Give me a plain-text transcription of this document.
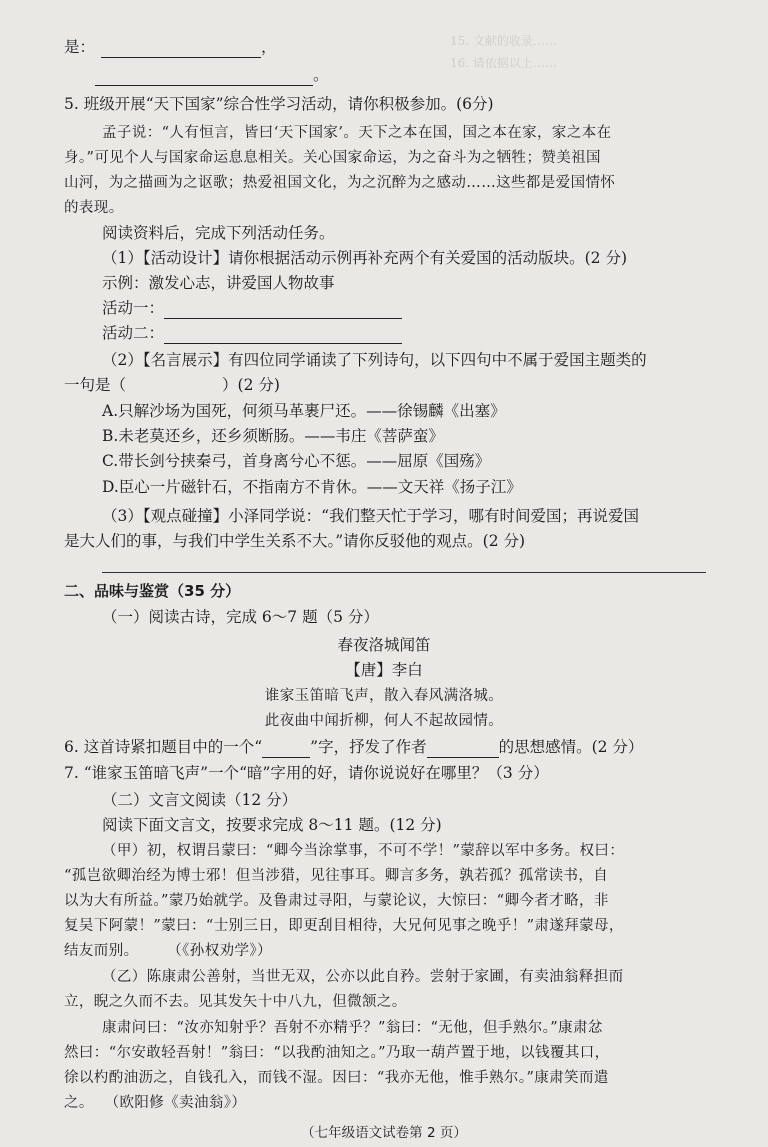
15. 文献的收录……
16. 请依据以上……
是：	，
。
5. 班级开展“天下国家”综合性学习活动，请你积极参加。(6分)
孟子说：“人有恒言，皆曰‘天下国家’。天下之本在国，国之本在家，家之本在
身。”可见个人与国家命运息息相关。关心国家命运，为之奋斗为之牺牲；赞美祖国
山河，为之描画为之讴歌；热爱祖国文化，为之沉醉为之感动……这些都是爱国情怀
的表现。
阅读资料后，完成下列活动任务。
（1）【活动设计】请你根据活动示例再补充两个有关爱国的活动版块。(2 分)
示例：激发心志，讲爱国人物故事
活动一：
活动二：
（2）【名言展示】有四位同学诵读了下列诗句，以下四句中不属于爱国主题类的
一句是（	）(2 分)
A.只解沙场为国死，何须马革裹尸还。——徐锡麟《出塞》
B.未老莫还乡，还乡须断肠。——韦庄《菩萨蛮》
C.带长剑兮挟秦弓，首身离兮心不惩。——屈原《国殇》
D.臣心一片磁针石，不指南方不肯休。——文天祥《扬子江》
（3）【观点碰撞】小泽同学说：“我们整天忙于学习，哪有时间爱国；再说爱国
是大人们的事，与我们中学生关系不大。”请你反驳他的观点。(2 分)
二、品味与鉴赏（35 分）
（一）阅读古诗，完成 6～7 题（5 分）
春夜洛城闻笛
【唐】李白
谁家玉笛暗飞声，散入春风满洛城。
此夜曲中闻折柳，何人不起故园情。
6. 这首诗紧扣题目中的一个“	”字，抒发了作者	的思想感情。(2 分）
7. “谁家玉笛暗飞声”一个“暗”字用的好，请你说说好在哪里？（3 分）
（二）文言文阅读（12 分）
阅读下面文言文，按要求完成 8～11 题。(12 分)
（甲）初，权谓吕蒙曰：“卿今当涂掌事，不可不学！”蒙辞以军中多务。权曰：
“孤岂欲卿治经为博士邪！但当涉猎，见往事耳。卿言多务，孰若孤？孤常读书，自
以为大有所益。”蒙乃始就学。及鲁肃过寻阳，与蒙论议，大惊曰：“卿今者才略，非
复吴下阿蒙！”蒙曰：“士别三日，即更刮目相待，大兄何见事之晚乎！”肃遂拜蒙母，
结友而别。 （《孙权劝学》）
（乙）陈康肃公善射，当世无双，公亦以此自矜。尝射于家圃，有卖油翁释担而
立，睨之久而不去。见其发矢十中八九，但微颔之。
康肃问曰：“汝亦知射乎？吾射不亦精乎？”翁曰：“无他，但手熟尔。”康肃忿
然曰：“尔安敢轻吾射！”翁曰：“以我酌油知之。”乃取一葫芦置于地，以钱覆其口，
徐以杓酌油沥之，自钱孔入，而钱不湿。因曰：“我亦无他，惟手熟尔。”康肃笑而遣
之。 （欧阳修《卖油翁》）
（七年级语文试卷第 2 页）
